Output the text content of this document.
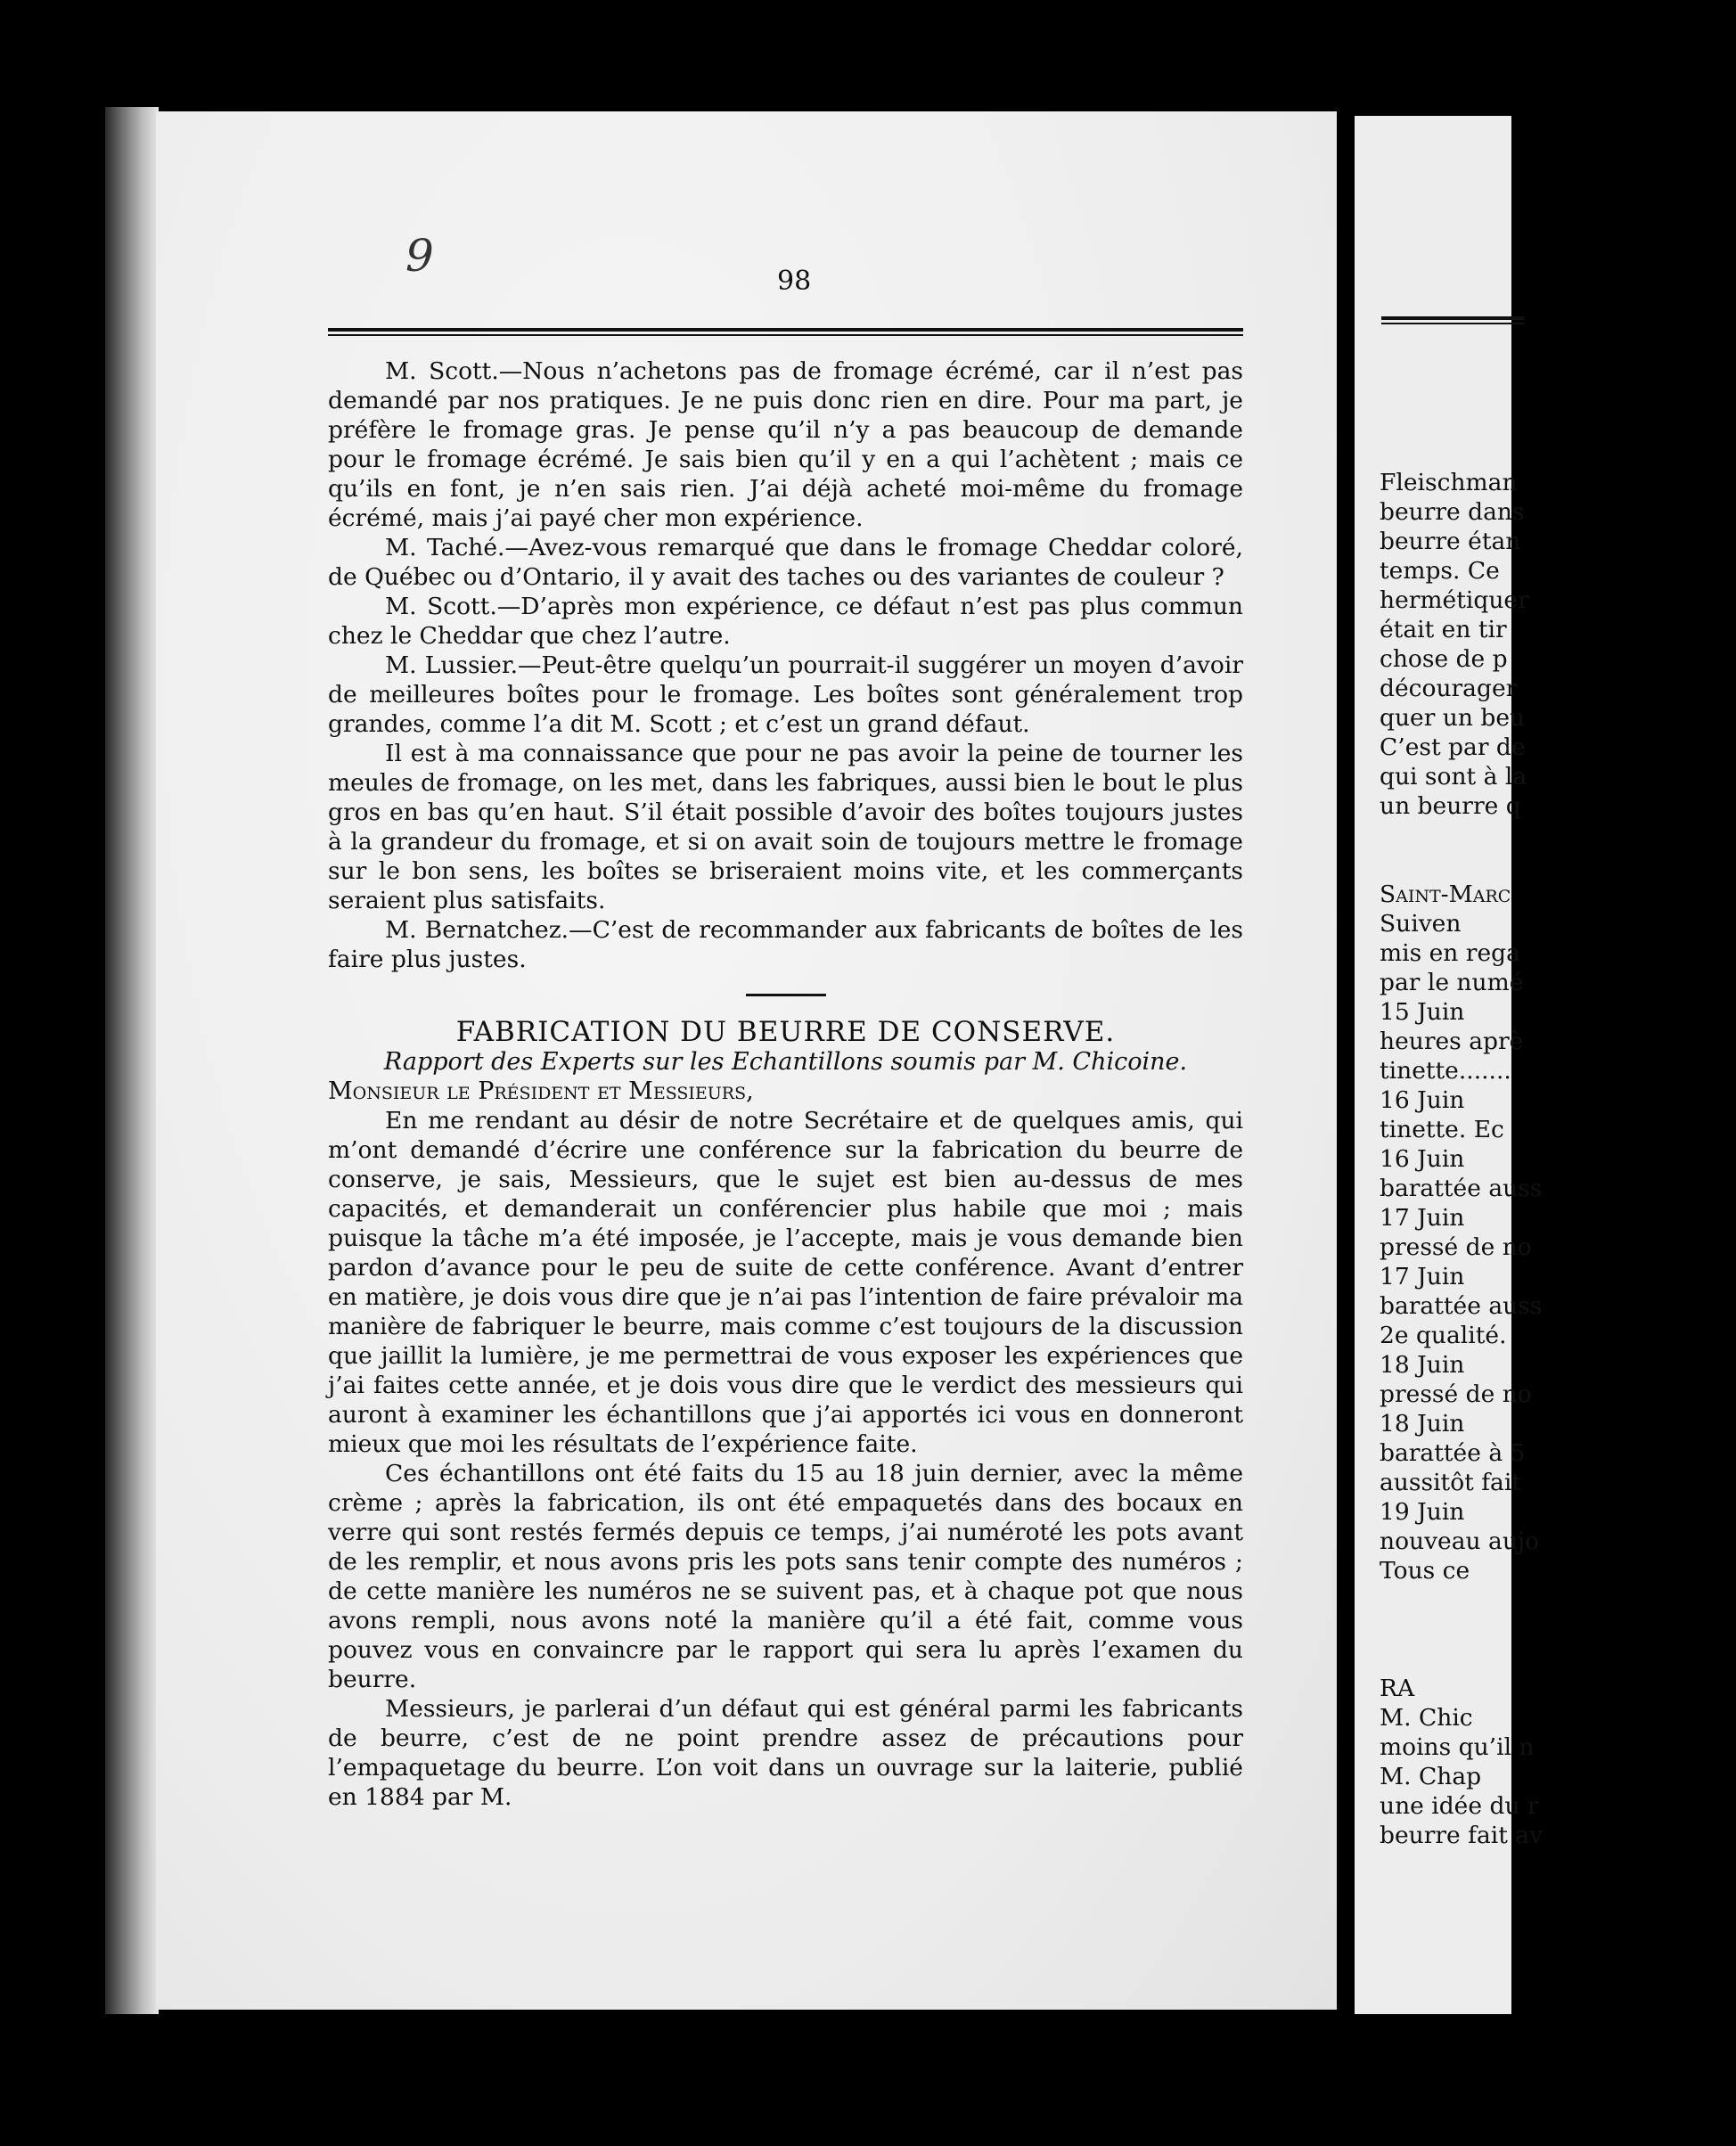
9	98

M. Scott.—Nous n’achetons pas de fromage écrémé, car il n’est pas demandé par nos pratiques. Je ne puis donc rien en dire. Pour ma part, je préfère le fromage gras. Je pense qu’il n’y a pas beaucoup de demande pour le fromage écrémé. Je sais bien qu’il y en a qui l’achètent ; mais ce qu’ils en font, je n’en sais rien. J’ai déjà acheté moi-même du fromage écrémé, mais j’ai payé cher mon expérience.

M. Taché.—Avez-vous remarqué que dans le fromage Cheddar coloré, de Québec ou d’Ontario, il y avait des taches ou des variantes de couleur ?

M. Scott.—D’après mon expérience, ce défaut n’est pas plus commun chez le Cheddar que chez l’autre.

M. Lussier.—Peut-être quelqu’un pourrait-il suggérer un moyen d’avoir de meilleures boîtes pour le fromage. Les boîtes sont généralement trop grandes, comme l’a dit M. Scott ; et c’est un grand défaut.

Il est à ma connaissance que pour ne pas avoir la peine de tourner les meules de fromage, on les met, dans les fabriques, aussi bien le bout le plus gros en bas qu’en haut. S’il était possible d’avoir des boîtes toujours justes à la grandeur du fromage, et si on avait soin de toujours mettre le fromage sur le bon sens, les boîtes se briseraient moins vite, et les commerçants seraient plus satisfaits.

M. Bernatchez.—C’est de recommander aux fabricants de boîtes de les faire plus justes.

FABRICATION DU BEURRE DE CONSERVE.

Rapport des Experts sur les Echantillons soumis par M. Chicoine.

Monsieur le Président et Messieurs,

En me rendant au désir de notre Secrétaire et de quelques amis, qui m’ont demandé d’écrire une conférence sur la fabrication du beurre de conserve, je sais, Messieurs, que le sujet est bien au-dessus de mes capacités, et demanderait un conférencier plus habile que moi ; mais puisque la tâche m’a été imposée, je l’accepte, mais je vous demande bien pardon d’avance pour le peu de suite de cette conférence. Avant d’entrer en matière, je dois vous dire que je n’ai pas l’intention de faire prévaloir ma manière de fabriquer le beurre, mais comme c’est toujours de la discussion que jaillit la lumière, je me permettrai de vous exposer les expériences que j’ai faites cette année, et je dois vous dire que le verdict des messieurs qui auront à examiner les échantillons que j’ai apportés ici vous en donneront mieux que moi les résultats de l’expérience faite.

Ces échantillons ont été faits du 15 au 18 juin dernier, avec la même crème ; après la fabrication, ils ont été empaquetés dans des bocaux en verre qui sont restés fermés depuis ce temps, j’ai numéroté les pots avant de les remplir, et nous avons pris les pots sans tenir compte des numéros ; de cette manière les numéros ne se suivent pas, et à chaque pot que nous avons rempli, nous avons noté la manière qu’il a été fait, comme vous pouvez vous en convaincre par le rapport qui sera lu après l’examen du beurre.

Messieurs, je parlerai d’un défaut qui est général parmi les fabricants de beurre, c’est de ne point prendre assez de précautions pour l’empaquetage du beurre. L’on voit dans un ouvrage sur la laiterie, publié en 1884 par M.

Fleischman
beurre dans
beurre étan
temps. Ce
hermétiquer
était en tir
chose de p
décourager
quer un beu
C’est par de
qui sont à la
un beurre q
Saint-Marc
Suiven
mis en rega
par le numé
15 Juin
heures aprè
tinette.......
16 Juin
tinette. Ec
16 Juin
barattée auss
17 Juin
pressé de no
17 Juin
barattée auss
2e qualité.
18 Juin
pressé de no
18 Juin
barattée à 5
aussitôt fait
19 Juin
nouveau aujo
Tous ce
RA
M. Chic
moins qu’il n
M. Chap
une idée du r
beurre fait av
